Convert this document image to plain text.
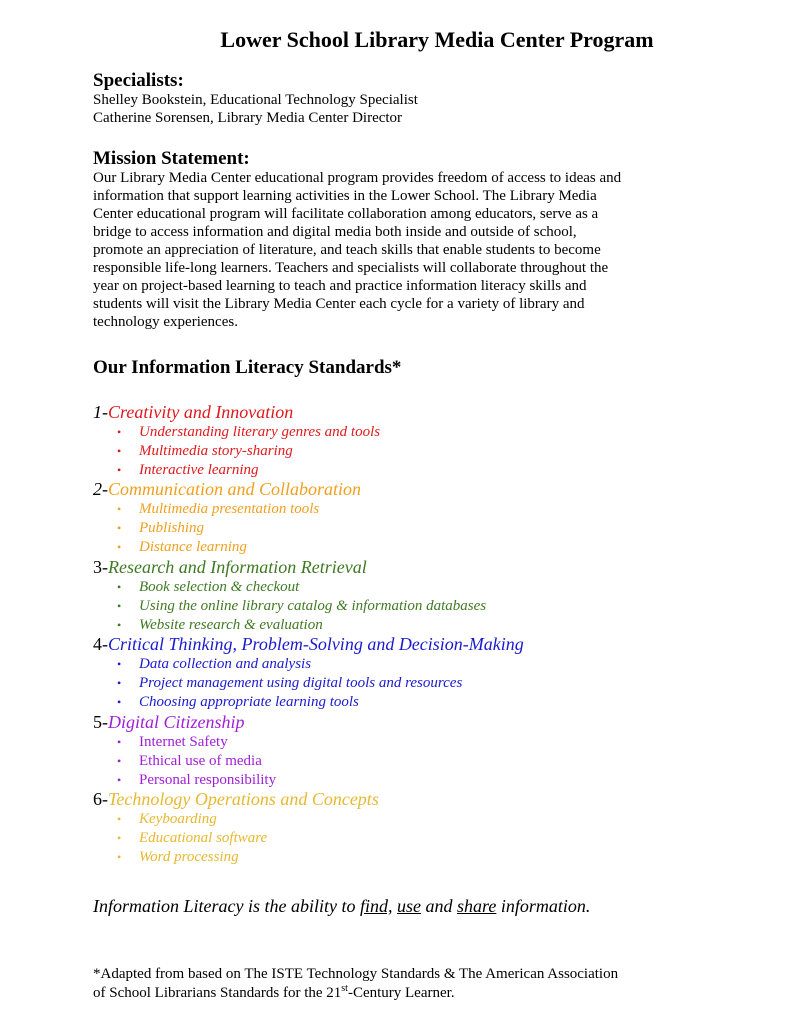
Lower School Library Media Center Program
Specialists:
Shelley Bookstein, Educational Technology Specialist
Catherine Sorensen, Library Media Center Director
Mission Statement:
Our Library Media Center educational program provides freedom of access to ideas and
information that support learning activities in the Lower School. The Library Media
Center educational program will facilitate collaboration among educators, serve as a
bridge to access information and digital media both inside and outside of school,
promote an appreciation of literature, and teach skills that enable students to become
responsible life-long learners. Teachers and specialists will collaborate throughout the
year on project-based learning to teach and practice information literacy skills and
students will visit the Library Media Center each cycle for a variety of library and
technology experiences.
Our Information Literacy Standards*
1-Creativity and Innovation
• Understanding literary genres and tools
• Multimedia story-sharing
• Interactive learning
2-Communication and Collaboration
• Multimedia presentation tools
• Publishing
• Distance learning
3-Research and Information Retrieval
• Book selection & checkout
• Using the online library catalog & information databases
• Website research & evaluation
4-Critical Thinking, Problem-Solving and Decision-Making
• Data collection and analysis
• Project management using digital tools and resources
• Choosing appropriate learning tools
5-Digital Citizenship
• Internet Safety
• Ethical use of media
• Personal responsibility
6-Technology Operations and Concepts
• Keyboarding
• Educational software
• Word processing
Information Literacy is the ability to find, use and share information.
*Adapted from based on The ISTE Technology Standards & The American Association
of School Librarians Standards for the 21st-Century Learner.
